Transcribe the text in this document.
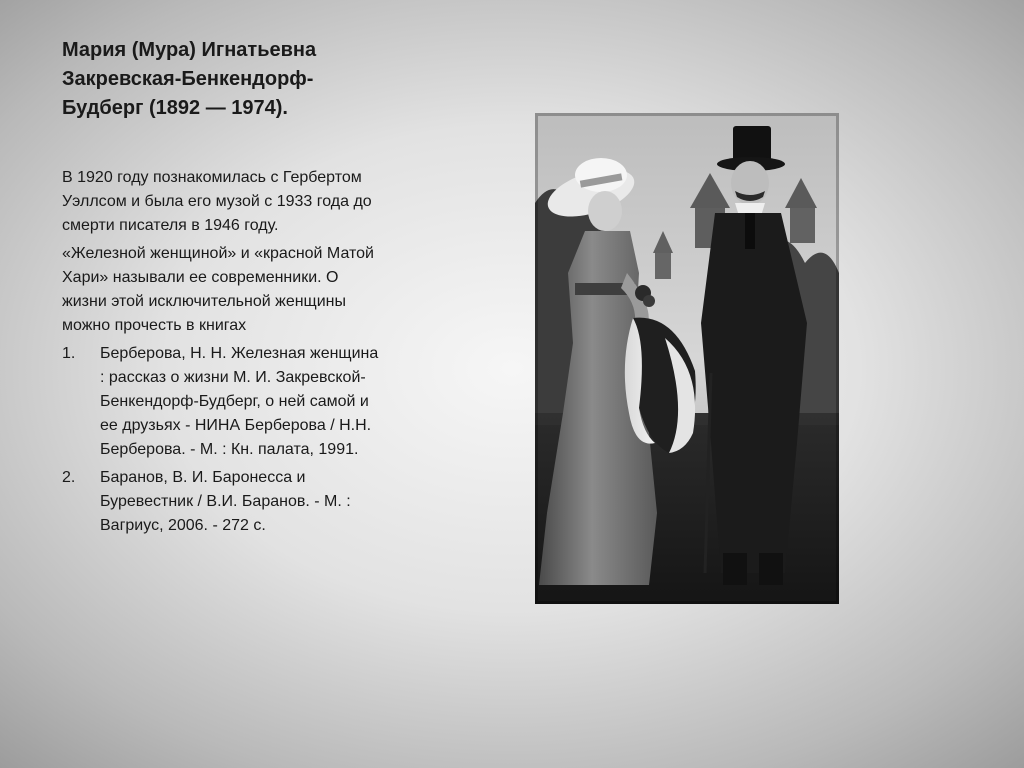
Мария (Мура) Игнатьевна Закревская-Бенкендорф-Будберг (1892 — 1974).

В 1920 году познакомилась с Гербертом Уэллсом и была его музой с 1933 года до смерти писателя в 1946 году.

«Железной женщиной» и «красной Матой Хари» называли ее современники. О жизни этой исключительной женщины можно прочесть в книгах

1. Берберова, Н. Н. Железная женщина : рассказ о жизни М. И. Закревской-Бенкендорф-Будберг, о ней самой и ее друзьях - НИНА Берберова / Н.Н. Берберова. - М. : Кн. палата, 1991.
2. Баранов, В. И. Баронесса и Буревестник / В.И. Баранов. - М. : Вагриус, 2006. - 272 с.
